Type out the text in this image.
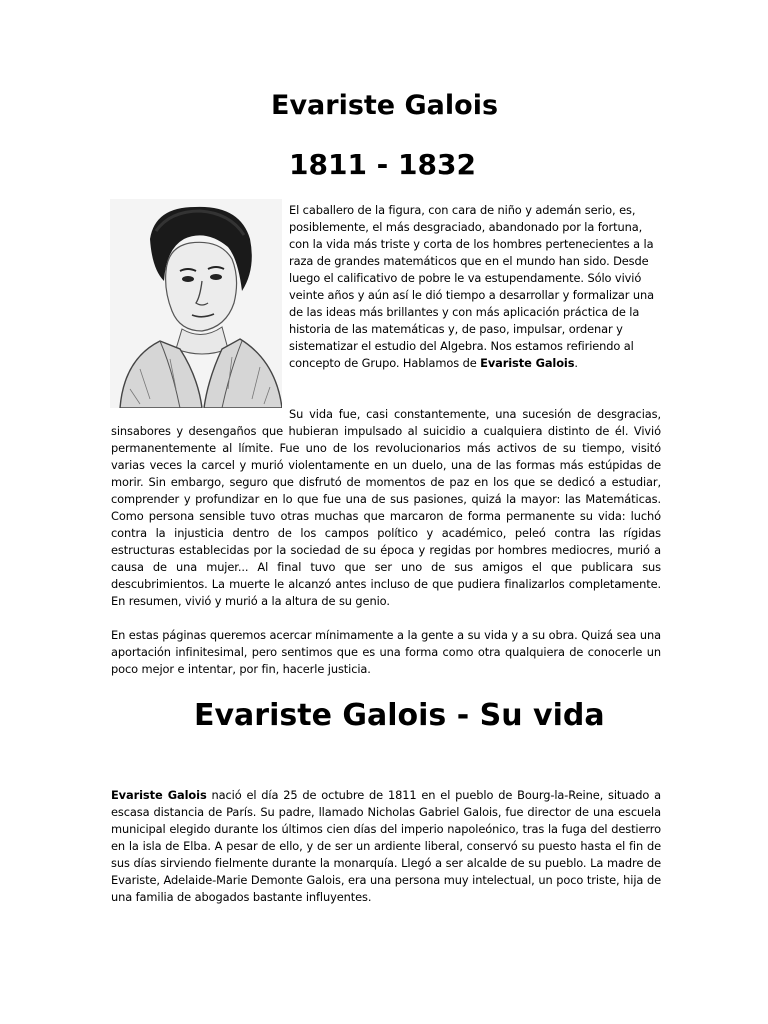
Evariste Galois
1811 - 1832

El caballero de la figura, con cara de niño y ademán serio, es, posiblemente, el más desgraciado, abandonado por la fortuna, con la vida más triste y corta de los hombres pertenecientes a la raza de grandes matemáticos que en el mundo han sido. Desde luego el calificativo de pobre le va estupendamente. Sólo vivió veinte años y aún así le dió tiempo a desarrollar y formalizar una de las ideas más brillantes y con más aplicación práctica de la historia de las matemáticas y, de paso, impulsar, ordenar y sistematizar el estudio del Algebra. Nos estamos refiriendo al concepto de Grupo. Hablamos de Evariste Galois.

Su vida fue, casi constantemente, una sucesión de desgracias, sinsabores y desengaños que hubieran impulsado al suicidio a cualquiera distinto de él. Vivió permanentemente al límite. Fue uno de los revolucionarios más activos de su tiempo, visitó varias veces la carcel y murió violentamente en un duelo, una de las formas más estúpidas de morir. Sin embargo, seguro que disfrutó de momentos de paz en los que se dedicó a estudiar, comprender y profundizar en lo que fue una de sus pasiones, quizá la mayor: las Matemáticas. Como persona sensible tuvo otras muchas que marcaron de forma permanente su vida: luchó contra la injusticia dentro de los campos político y académico, peleó contra las rígidas estructuras establecidas por la sociedad de su época y regidas por hombres mediocres, murió a causa de una mujer... Al final tuvo que ser uno de sus amigos el que publicara sus descubrimientos. La muerte le alcanzó antes incluso de que pudiera finalizarlos completamente. En resumen, vivió y murió a la altura de su genio.

En estas páginas queremos acercar mínimamente a la gente a su vida y a su obra. Quizá sea una aportación infinitesimal, pero sentimos que es una forma como otra qualquiera de conocerle un poco mejor e intentar, por fin, hacerle justicia.

Evariste Galois - Su vida

Evariste Galois nació el día 25 de octubre de 1811 en el pueblo de Bourg-la-Reine, situado a escasa distancia de París. Su padre, llamado Nicholas Gabriel Galois, fue director de una escuela municipal elegido durante los últimos cien días del imperio napoleónico, tras la fuga del destierro en la isla de Elba. A pesar de ello, y de ser un ardiente liberal, conservó su puesto hasta el fin de sus días sirviendo fielmente durante la monarquía. Llegó a ser alcalde de su pueblo. La madre de Evariste, Adelaide-Marie Demonte Galois, era una persona muy intelectual, un poco triste, hija de una familia de abogados bastante influyentes.
